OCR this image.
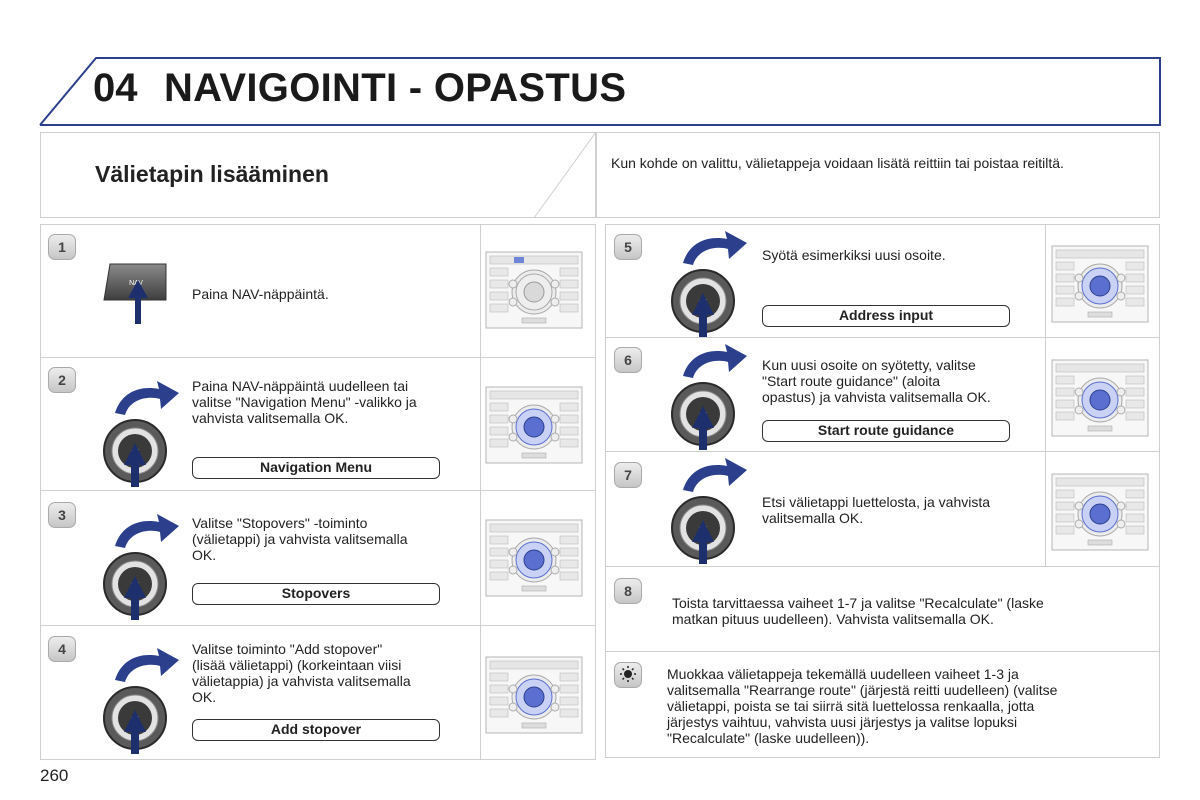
04 NAVIGOINTI - OPASTUS
Välietapin lisääminen	Kun kohde on valittu, välietappeja voidaan lisätä reittiin tai poistaa reitiltä.
1
2
3
4
5
6
7
8
Paina NAV-näppäintä.
Paina NAV-näppäintä uudelleen tai
valitse "Navigation Menu" -valikko ja
vahvista valitsemalla OK.
Valitse "Stopovers" -toiminto
(välietappi) ja vahvista valitsemalla
OK.
Valitse toiminto "Add stopover"
(lisää välietappi) (korkeintaan viisi
välietappia) ja vahvista valitsemalla
OK.
Syötä esimerkiksi uusi osoite.
Kun uusi osoite on syötetty, valitse
"Start route guidance" (aloita
opastus) ja vahvista valitsemalla OK.
Etsi välietappi luettelosta, ja vahvista
valitsemalla OK.
Toista tarvittaessa vaiheet 1-7 ja valitse "Recalculate" (laske
matkan pituus uudelleen). Vahvista valitsemalla OK.
Muokkaa välietappeja tekemällä uudelleen vaiheet 1-3 ja
valitsemalla "Rearrange route" (järjestä reitti uudelleen) (valitse
välietappi, poista se tai siirrä sitä luettelossa renkaalla, jotta
järjestys vaihtuu, vahvista uusi järjestys ja valitse lopuksi
"Recalculate" (laske uudelleen)).
Navigation Menu
Stopovers
Add stopover
Address input
Start route guidance
NAV
260
